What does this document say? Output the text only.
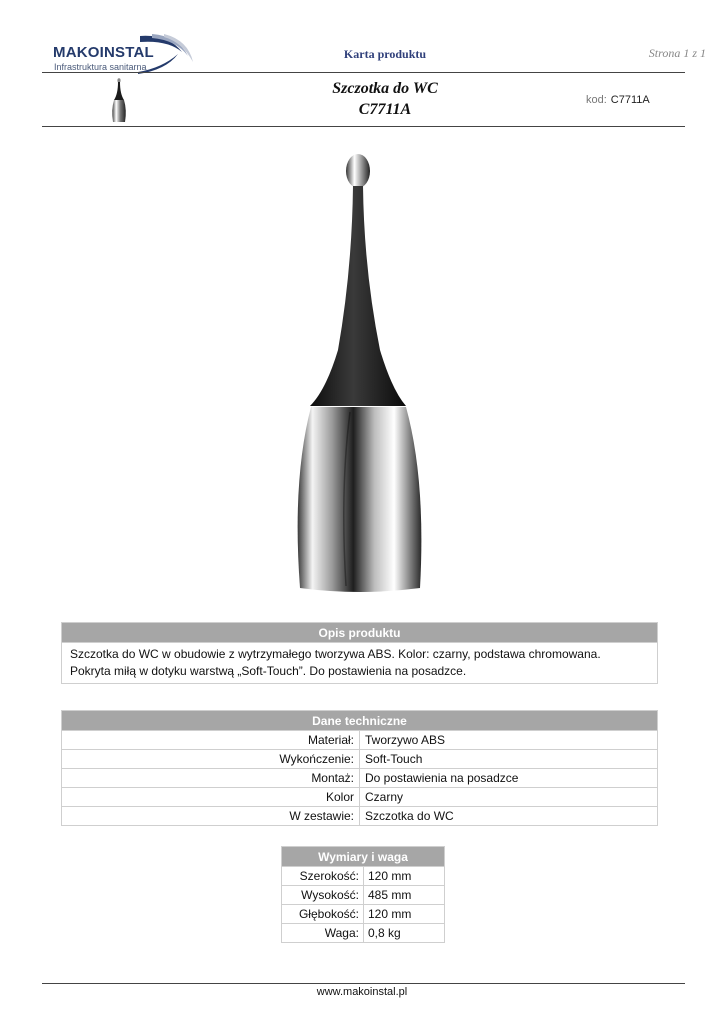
MAKOINSTAL
Infrastruktura sanitarna
Karta produktu	Strona 1 z 1
Szczotka do WC
C7711A
kod: C7711A
Opis produktu

Szczotka do WC w obudowie z wytrzymałego tworzywa ABS. Kolor: czarny, podstawa chromowana.
Pokryta miłą w dotyku warstwą „Soft-Touch”. Do postawienia na posadzce.
Dane techniczne	
Materiał:	Tworzywo ABS
Wykończenie:	Soft-Touch
Montaż:	Do postawienia na posadzce
Kolor	Czarny
W zestawie:	Szczotka do WC
Wymiary i waga	
Szerokość:	120 mm
Wysokość:	485 mm
Głębokość:	120 mm
Waga:	0,8 kg
www.makoinstal.pl
